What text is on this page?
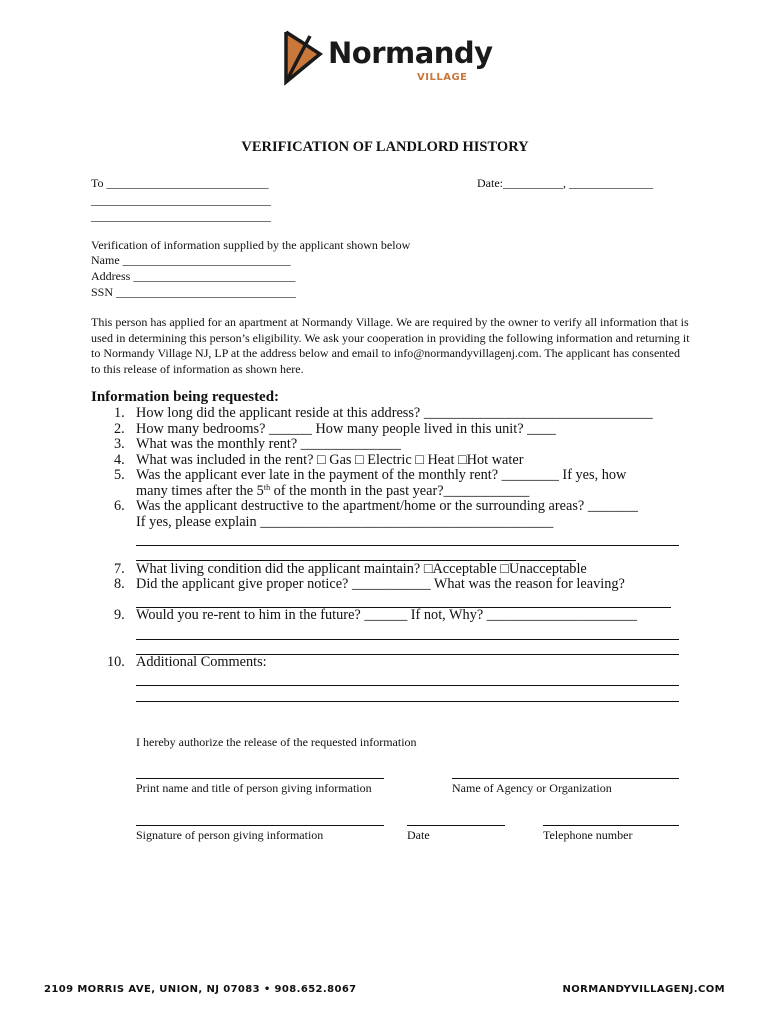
Normandy
VILLAGE
VERIFICATION OF LANDLORD HISTORY
To ___________________________
______________________________
______________________________
Date:__________, ______________
Verification of information supplied by the applicant shown below
Name ____________________________
Address ___________________________
SSN ______________________________
This person has applied for an apartment at Normandy Village. We are required by the owner to verify all information that is used in determining this person’s eligibility. We ask your cooperation in providing the following information and returning it to Normandy Village NJ, LP at the address below and email to info@normandyvillagenj.com. The applicant has consented to this release of information as shown here.
Information being requested:
1.
2.
3.
4.
5.
6.
7.
8.
9.
10.
How long did the applicant reside at this address? ________________________________
How many bedrooms? ______ How many people lived in this unit? ____
What was the monthly rent? ______________
What was included in the rent? □ Gas □ Electric □ Heat □Hot water
Was the applicant ever late in the payment of the monthly rent? ________ If yes, how
many times after the 5th of the month in the past year?____________
Was the applicant destructive to the apartment/home or the surrounding areas? _______
If yes, please explain _________________________________________
What living condition did the applicant maintain? □Acceptable □Unacceptable
Did the applicant give proper notice? ___________ What was the reason for leaving?
Would you re-rent to him in the future? ______ If not, Why? _____________________
Additional Comments:
I hereby authorize the release of the requested information
Print name and title of person giving information	Name of Agency or Organization
Signature of person giving information	Date	Telephone number
2109 MORRIS AVE, UNION, NJ 07083 • 908.652.8067	NORMANDYVILLAGENJ.COM
